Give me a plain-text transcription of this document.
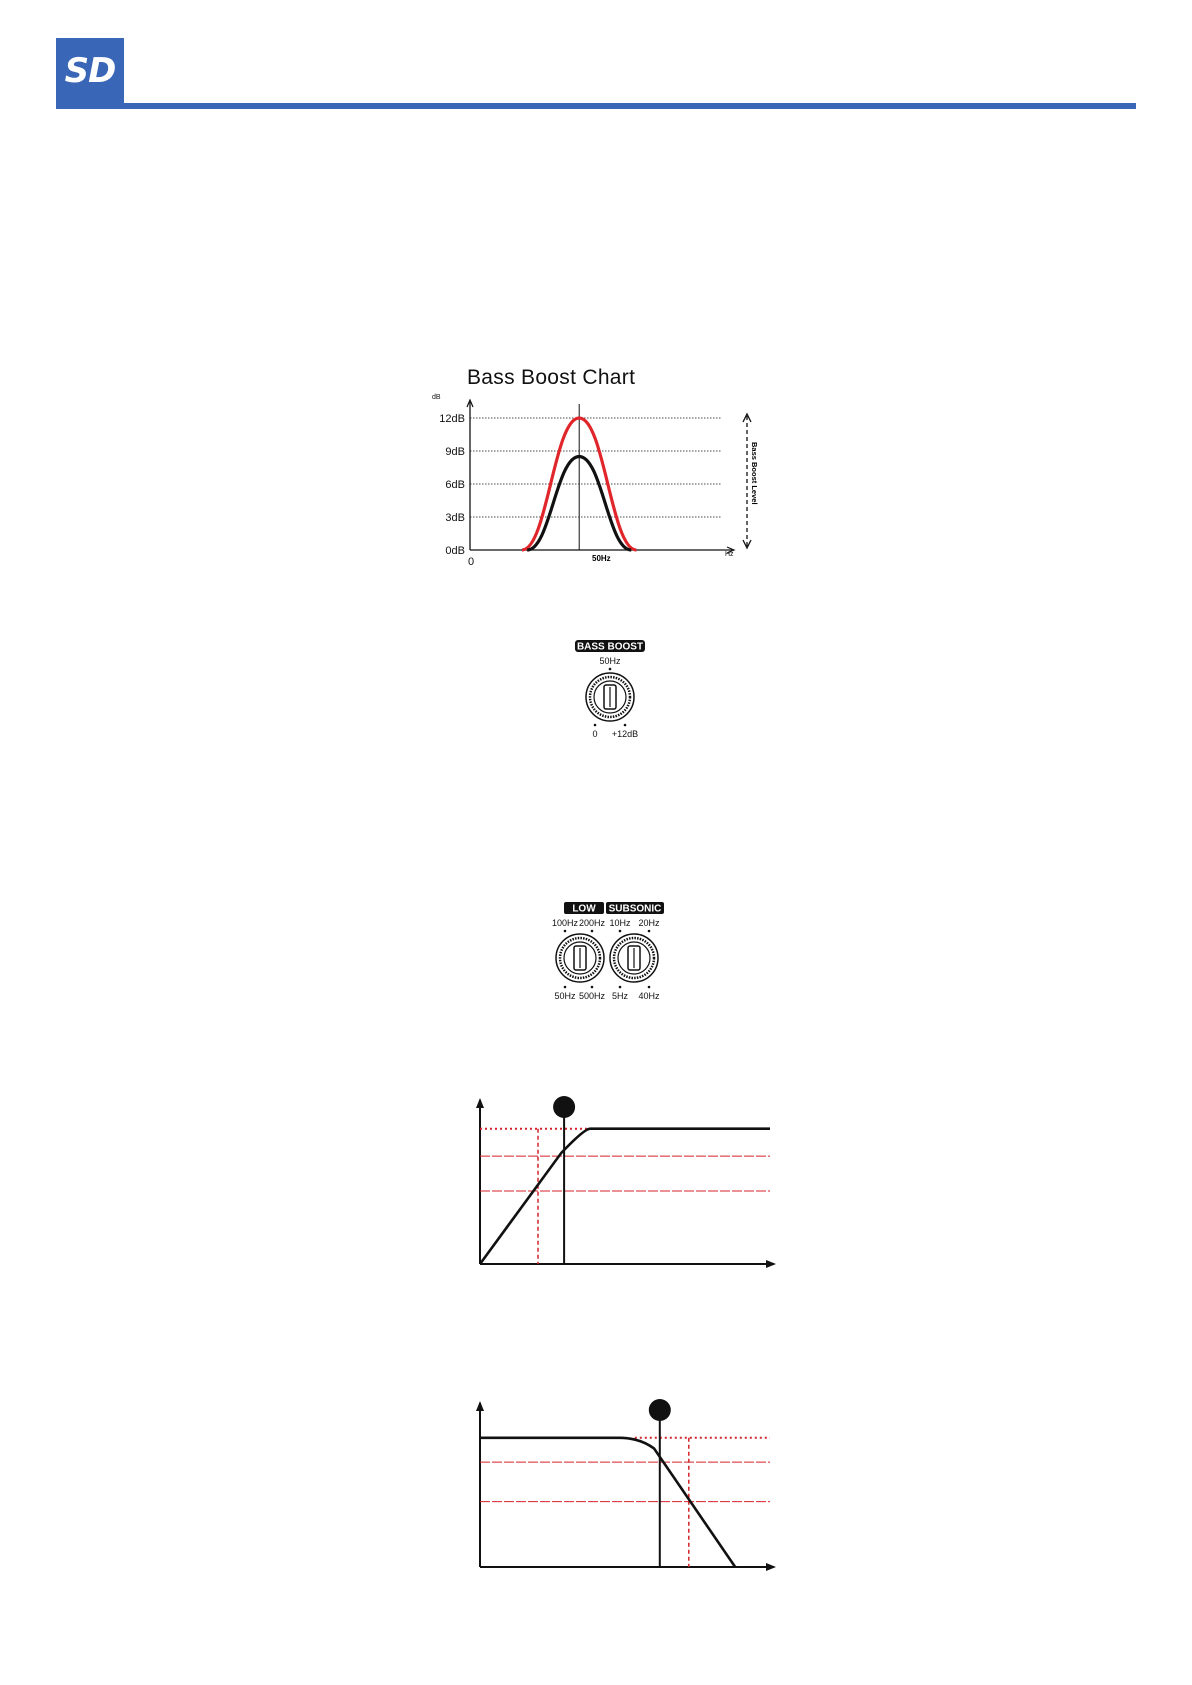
SD
Bass Boost Chart
dB
Hz
0	50Hz
Bass Boost Level
0dB
3dB
6dB
9dB
12dB
BASS BOOST
50Hz
0 +12dB
LOW SUBSONIC
100Hz 200Hz 10Hz 20Hz
50Hz 500Hz 5Hz 40Hz
